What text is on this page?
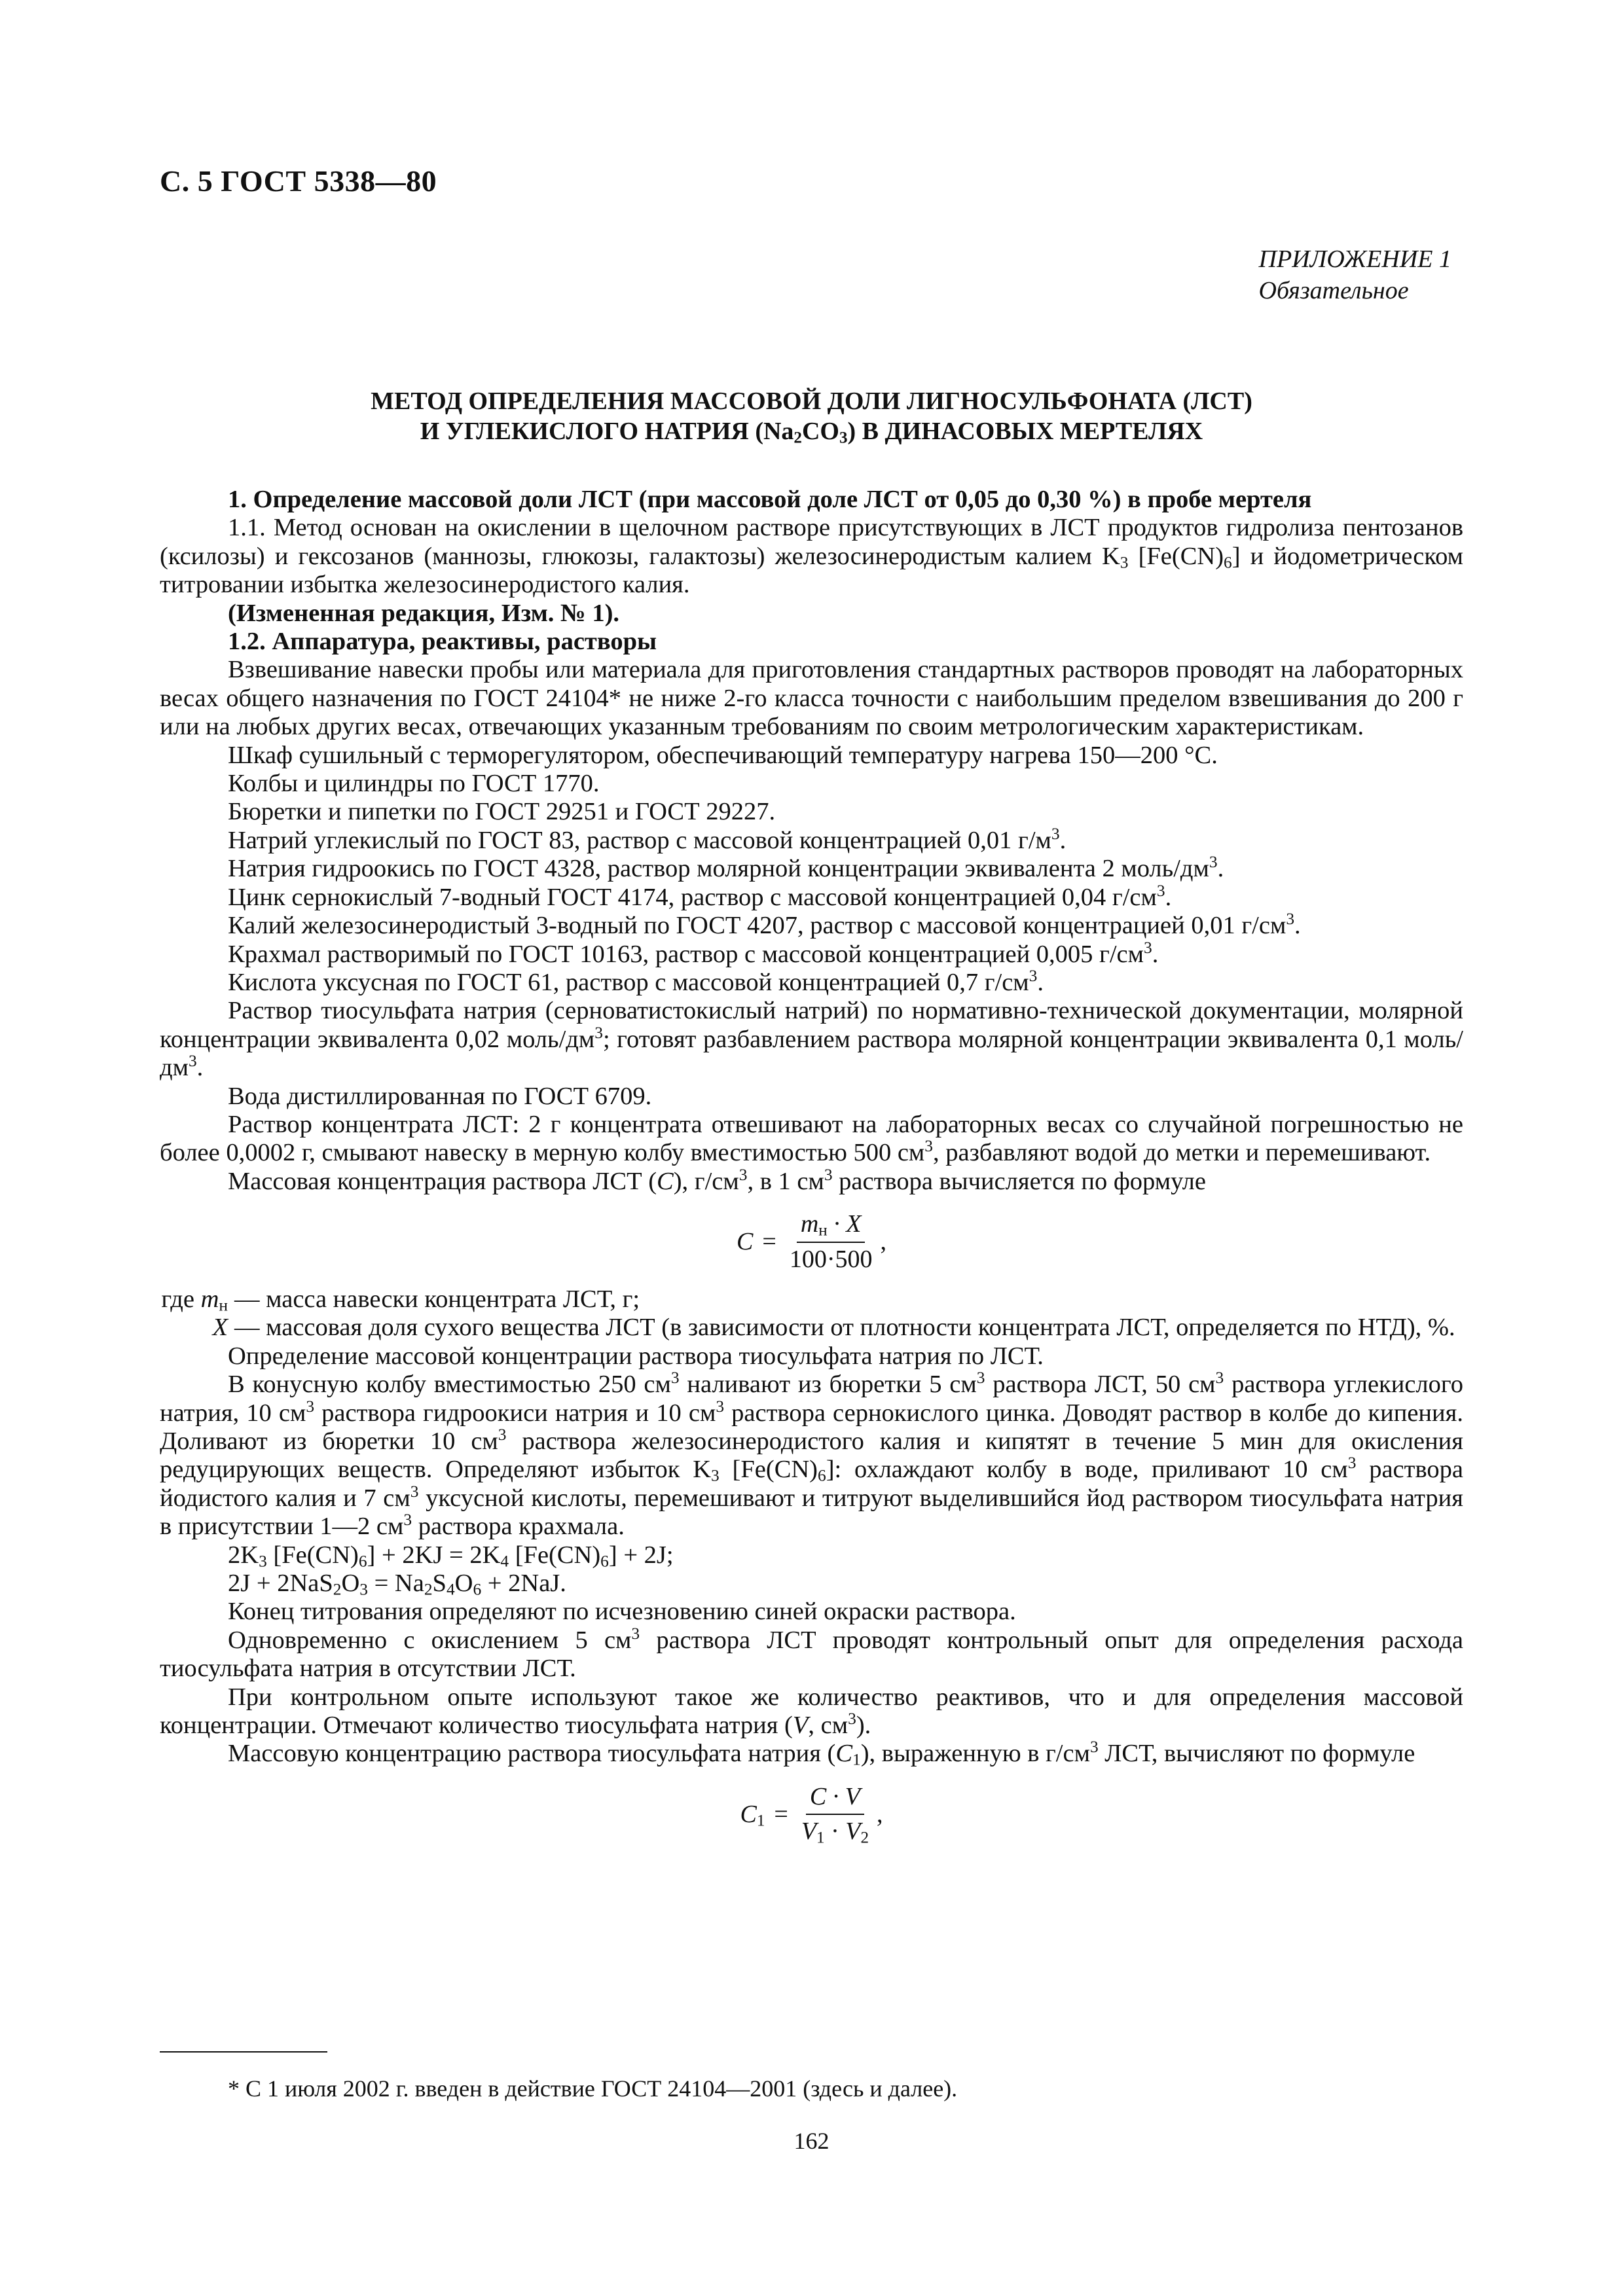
С. 5 ГОСТ 5338—80
ПРИЛОЖЕНИЕ 1
Обязательное
МЕТОД ОПРЕДЕЛЕНИЯ МАССОВОЙ ДОЛИ ЛИГНОСУЛЬФОНАТА (ЛСТ)
И УГЛЕКИСЛОГО НАТРИЯ $(Na_2CO_3)$ В ДИНАСОВЫХ МЕРТЕЛЯХ

1. Определение массовой доли ЛСТ (при массовой доле ЛСТ от 0,05 до 0,30 %) в пробе мертеля

1.1. Метод основан на окислении в щелочном растворе присутствующих в ЛСТ продуктов гидролиза пентозанов (ксилозы) и гексозанов (маннозы, глюкозы, галактозы) железосинеродистым калием $K_3$ $[Fe(CN)_6]$ и йодометрическом титровании избытка железосинеродистого калия.

(Измененная редакция, Изм. № 1).

1.2. Аппаратура, реактивы, растворы

Взвешивание навески пробы или материала для приготовления стандартных растворов проводят на лабораторных весах общего назначения по ГОСТ 24104* не ниже 2-го класса точности с наибольшим пределом взвешивания до 200 г или на любых других весах, отвечающих указанным требованиям по своим метрологическим характеристикам.

Шкаф сушильный с терморегулятором, обеспечивающий температуру нагрева 150—200 °С.

Колбы и цилиндры по ГОСТ 1770.

Бюретки и пипетки по ГОСТ 29251 и ГОСТ 29227.

Натрий углекислый по ГОСТ 83, раствор с массовой концентрацией 0,01 $г/м^3$.

Натрия гидроокись по ГОСТ 4328, раствор молярной концентрации эквивалента 2 моль/$дм^3$.

Цинк сернокислый 7-водный ГОСТ 4174, раствор с массовой концентрацией 0,04 $г/см^3$.

Калий железосинеродистый 3-водный по ГОСТ 4207, раствор с массовой концентрацией 0,01 $г/см^3$.

Крахмал растворимый по ГОСТ 10163, раствор с массовой концентрацией 0,005 $г/см^3$.

Кислота уксусная по ГОСТ 61, раствор с массовой концентрацией 0,7 $г/см^3$.

Раствор тиосульфата натрия (серноватистокислый натрий) по нормативно-технической документации, молярной концентрации эквивалента 0,02 моль/$дм^3$; готовят разбавлением раствора молярной концентрации эквивалента 0,1 моль/$дм^3$.

Вода дистиллированная по ГОСТ 6709.

Раствор концентрата ЛСТ: 2 г концентрата отвешивают на лабораторных весах со случайной погрешностью не более 0,0002 г, смывают навеску в мерную колбу вместимостью 500 $см^3$, разбавляют водой до метки и перемешивают.

Массовая концентрация раствора ЛСТ (C), $г/см^3$, в 1 $см^3$ раствора вычисляется по формуле

$C = \frac{m_н \cdot X}{100\cdot 500}$ ,
где $m_н$ — масса навески концентрата ЛСТ, г;
X — массовая доля сухого вещества ЛСТ (в зависимости от плотности концентрата ЛСТ, определяется по НТД), %.

Определение массовой концентрации раствора тиосульфата натрия по ЛСТ.

В конусную колбу вместимостью 250 $см^3$ наливают из бюретки 5 $см^3$ раствора ЛСТ, 50 $см^3$ раствора углекислого натрия, 10 $см^3$ раствора гидроокиси натрия и 10 $см^3$ раствора сернокислого цинка. Доводят раствор в колбе до кипения. Доливают из бюретки 10 $см^3$ раствора железосинеродистого калия и кипятят в течение 5 мин для окисления редуцирующих веществ. Определяют избыток $K_3$ $[Fe(CN)_6]$: охлаждают колбу в воде, приливают 10 $см^3$ раствора йодистого калия и 7 $см^3$ уксусной кислоты, перемешивают и титруют выделившийся йод раствором тиосульфата натрия в присутствии 1—2 $см^3$ раствора крахмала.

$2K_3$ $[Fe(CN)_6] + 2KJ = 2K_4$ $[Fe(CN)_6] + 2J$;

$2J + 2NaS_2O_3 = Na_2S_4O_6 + 2NaJ$.

Конец титрования определяют по исчезновению синей окраски раствора.

Одновременно с окислением 5 $см^3$ раствора ЛСТ проводят контрольный опыт для определения расхода тиосульфата натрия в отсутствии ЛСТ.

При контрольном опыте используют такое же количество реактивов, что и для определения массовой концентрации. Отмечают количество тиосульфата натрия (V, $см^3$).

Массовую концентрацию раствора тиосульфата натрия $(C_1)$, выраженную в $г/см^3$ ЛСТ, вычисляют по формуле

$C_1 = \frac{C \cdot V}{V_1 \cdot V_2}$ ,
* С 1 июля 2002 г. введен в действие ГОСТ 24104—2001 (здесь и далее).
162
